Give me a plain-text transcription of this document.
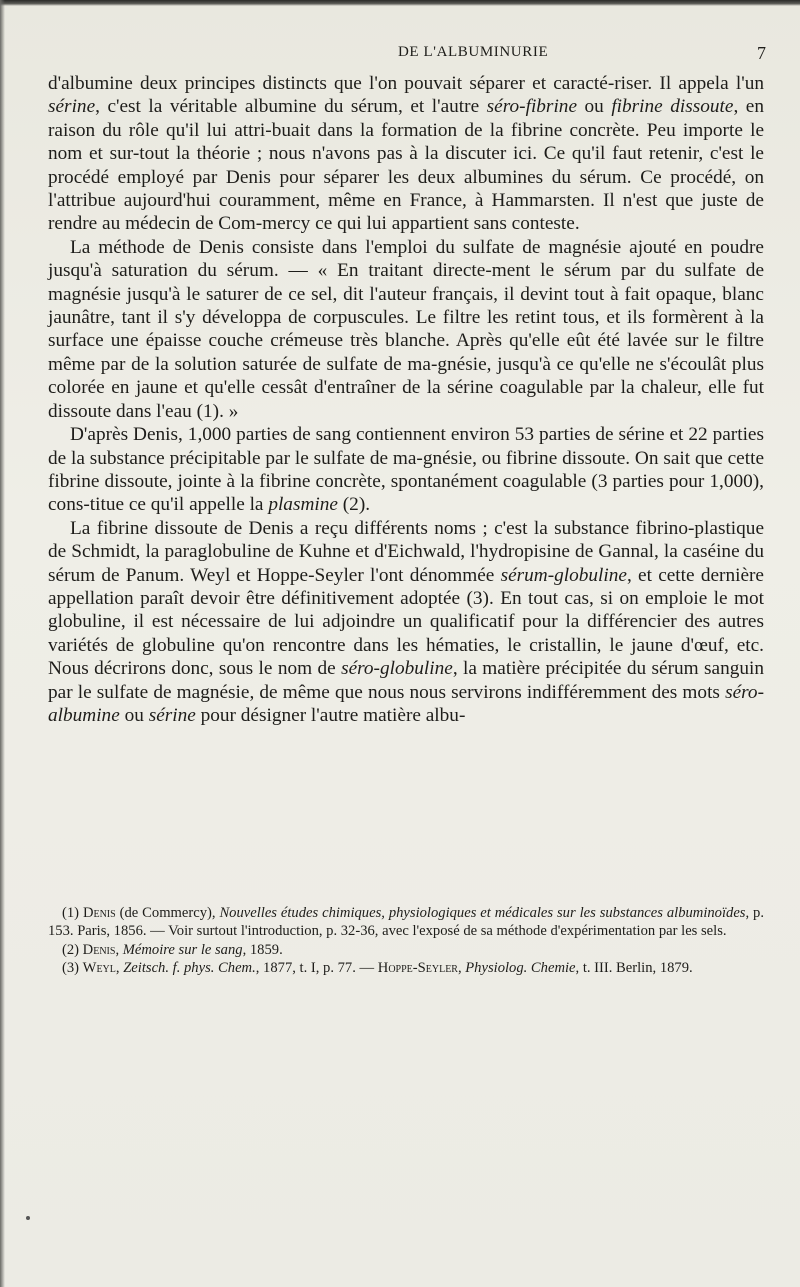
DE L'ALBUMINURIE	7

d'albumine deux principes distincts que l'on pouvait séparer et caracté-riser. Il appela l'un sérine, c'est la véritable albumine du sérum, et l'autre séro-fibrine ou fibrine dissoute, en raison du rôle qu'il lui attri-buait dans la formation de la fibrine concrète. Peu importe le nom et sur-tout la théorie ; nous n'avons pas à la discuter ici. Ce qu'il faut retenir, c'est le procédé employé par Denis pour séparer les deux albumines du sérum. Ce procédé, on l'attribue aujourd'hui couramment, même en France, à Hammarsten. Il n'est que juste de rendre au médecin de Com-mercy ce qui lui appartient sans conteste.

La méthode de Denis consiste dans l'emploi du sulfate de magnésie ajouté en poudre jusqu'à saturation du sérum. — « En traitant directe-ment le sérum par du sulfate de magnésie jusqu'à le saturer de ce sel, dit l'auteur français, il devint tout à fait opaque, blanc jaunâtre, tant il s'y développa de corpuscules. Le filtre les retint tous, et ils formèrent à la surface une épaisse couche crémeuse très blanche. Après qu'elle eût été lavée sur le filtre même par de la solution saturée de sulfate de ma-gnésie, jusqu'à ce qu'elle ne s'écoulât plus colorée en jaune et qu'elle cessât d'entraîner de la sérine coagulable par la chaleur, elle fut dissoute dans l'eau (1). »

D'après Denis, 1,000 parties de sang contiennent environ 53 parties de sérine et 22 parties de la substance précipitable par le sulfate de ma-gnésie, ou fibrine dissoute. On sait que cette fibrine dissoute, jointe à la fibrine concrète, spontanément coagulable (3 parties pour 1,000), cons-titue ce qu'il appelle la plasmine (2).

La fibrine dissoute de Denis a reçu différents noms ; c'est la substance fibrino-plastique de Schmidt, la paraglobuline de Kuhne et d'Eichwald, l'hydropisine de Gannal, la caséine du sérum de Panum. Weyl et Hoppe-Seyler l'ont dénommée sérum-globuline, et cette dernière appellation paraît devoir être définitivement adoptée (3). En tout cas, si on emploie le mot globuline, il est nécessaire de lui adjoindre un qualificatif pour la différencier des autres variétés de globuline qu'on rencontre dans les hématies, le cristallin, le jaune d'œuf, etc. Nous décrirons donc, sous le nom de séro-globuline, la matière précipitée du sérum sanguin par le sulfate de magnésie, de même que nous nous servirons indifféremment des mots séro-albumine ou sérine pour désigner l'autre matière albu-

(1) Denis (de Commercy), Nouvelles études chimiques, physiologiques et médicales sur les substances albuminoïdes, p. 153. Paris, 1856. — Voir surtout l'introduction, p. 32-36, avec l'exposé de sa méthode d'expérimentation par les sels.

(2) Denis, Mémoire sur le sang, 1859.

(3) Weyl, Zeitsch. f. phys. Chem., 1877, t. I, p. 77. — Hoppe-Seyler, Physiolog. Chemie, t. III. Berlin, 1879.
